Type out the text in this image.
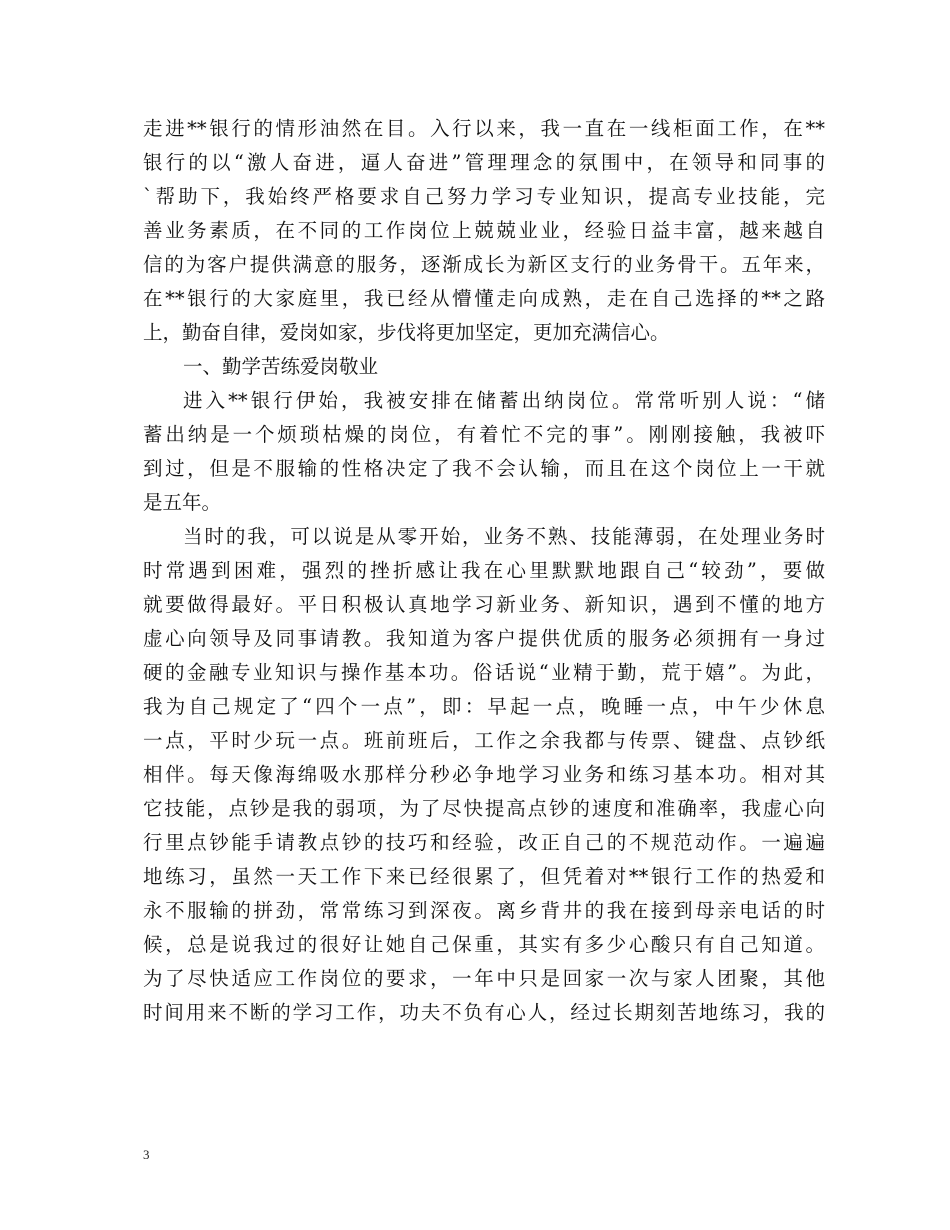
走进**银行的情形油然在目。入行以来，我一直在一线柜面工作，在**
银行的以“激人奋进，逼人奋进”管理理念的氛围中，在领导和同事的
`帮助下，我始终严格要求自己努力学习专业知识，提高专业技能，完
善业务素质，在不同的工作岗位上兢兢业业，经验日益丰富，越来越自
信的为客户提供满意的服务，逐渐成长为新区支行的业务骨干。五年来，
在**银行的大家庭里，我已经从懵懂走向成熟，走在自己选择的**之路
上，勤奋自律，爱岗如家，步伐将更加坚定，更加充满信心。
一、勤学苦练爱岗敬业
进入**银行伊始，我被安排在储蓄出纳岗位。常常听别人说：“储
蓄出纳是一个烦琐枯燥的岗位，有着忙不完的事”。刚刚接触，我被吓
到过，但是不服输的性格决定了我不会认输，而且在这个岗位上一干就
是五年。
当时的我，可以说是从零开始，业务不熟、技能薄弱，在处理业务时
时常遇到困难，强烈的挫折感让我在心里默默地跟自己“较劲”，要做
就要做得最好。平日积极认真地学习新业务、新知识，遇到不懂的地方
虚心向领导及同事请教。我知道为客户提供优质的服务必须拥有一身过
硬的金融专业知识与操作基本功。俗话说“业精于勤，荒于嬉”。为此，
我为自己规定了“四个一点”，即：早起一点，晚睡一点，中午少休息
一点，平时少玩一点。班前班后，工作之余我都与传票、键盘、点钞纸
相伴。每天像海绵吸水那样分秒必争地学习业务和练习基本功。相对其
它技能，点钞是我的弱项，为了尽快提高点钞的速度和准确率，我虚心向
行里点钞能手请教点钞的技巧和经验，改正自己的不规范动作。一遍遍
地练习，虽然一天工作下来已经很累了，但凭着对**银行工作的热爱和
永不服输的拼劲，常常练习到深夜。离乡背井的我在接到母亲电话的时
候，总是说我过的很好让她自己保重，其实有多少心酸只有自己知道。
为了尽快适应工作岗位的要求，一年中只是回家一次与家人团聚，其他
时间用来不断的学习工作，功夫不负有心人，经过长期刻苦地练习，我的
3
